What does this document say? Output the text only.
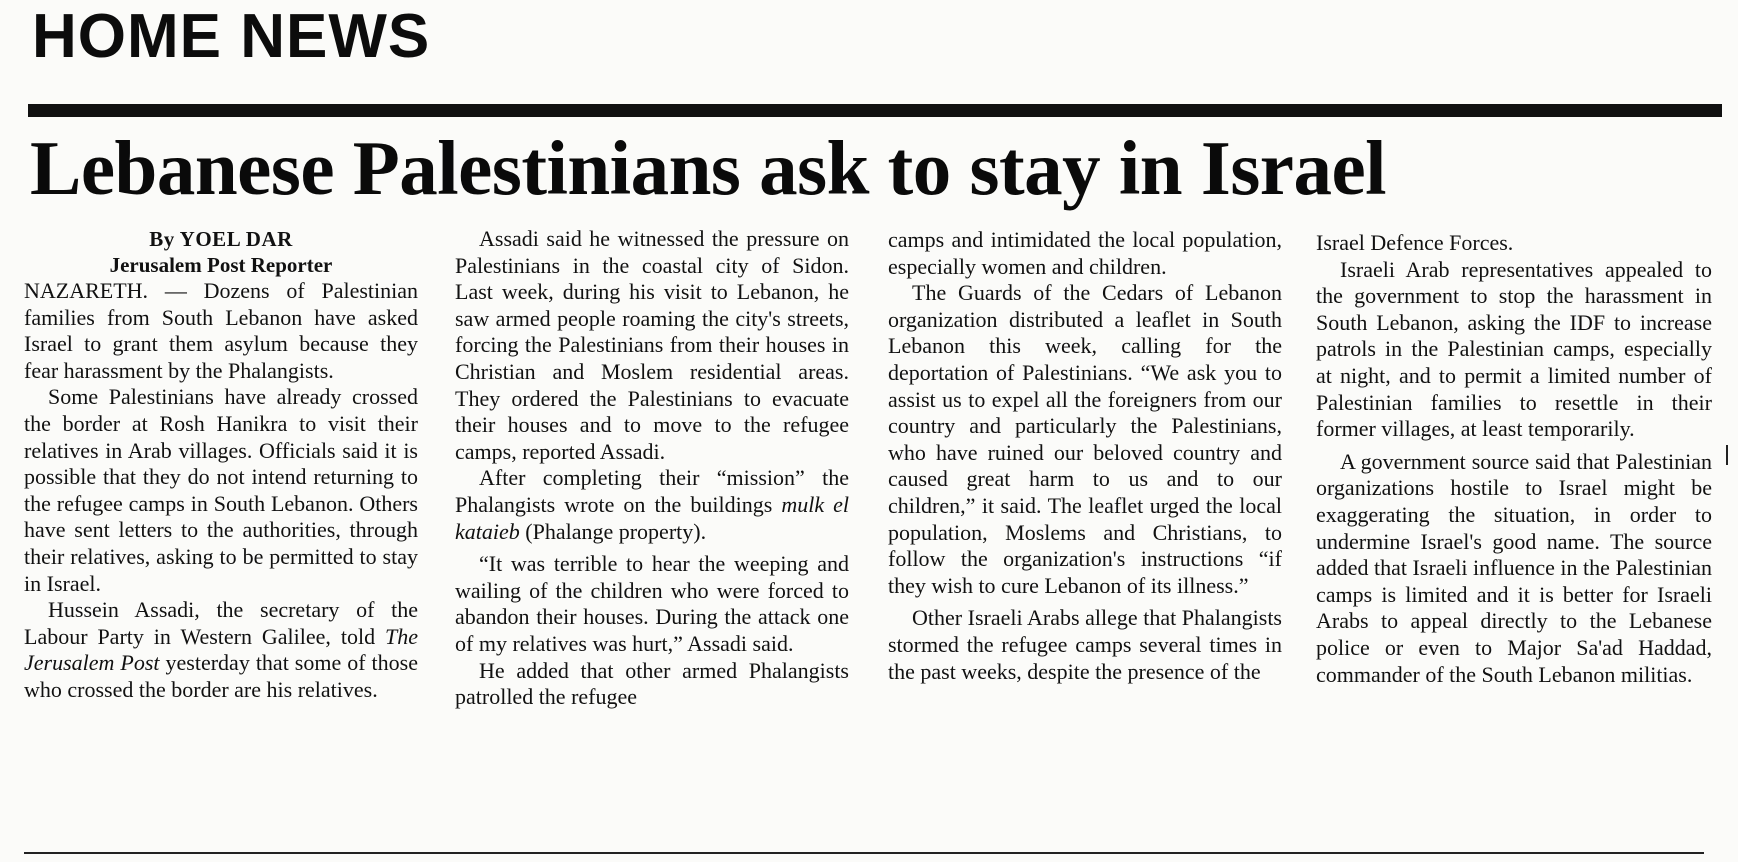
HOME NEWS
Lebanese Palestinians ask to stay in Israel
By YOEL DAR
Jerusalem Post Reporter

NAZARETH. — Dozens of Palestinian families from South Lebanon have asked Israel to grant them asylum because they fear harassment by the Phalangists.

Some Palestinians have already crossed the border at Rosh Hanikra to visit their relatives in Arab villages. Officials said it is possible that they do not intend returning to the refugee camps in South Lebanon. Others have sent letters to the authorities, through their relatives, asking to be permitted to stay in Israel.

Hussein Assadi, the secretary of the Labour Party in Western Galilee, told The Jerusalem Post yesterday that some of those who crossed the border are his relatives.

Assadi said he witnessed the pressure on Palestinians in the coastal city of Sidon. Last week, during his visit to Lebanon, he saw armed people roaming the city's streets, forcing the Palestinians from their houses in Christian and Moslem residential areas. They ordered the Palestinians to evacuate their houses and to move to the refugee camps, reported Assadi.

After completing their “mission” the Phalangists wrote on the buildings mulk el kataieb (Phalange property).

“It was terrible to hear the weeping and wailing of the children who were forced to abandon their houses. During the attack one of my relatives was hurt,” Assadi said.

He added that other armed Phalangists patrolled the refugee

camps and intimidated the local population, especially women and children.

The Guards of the Cedars of Lebanon organization distributed a leaflet in South Lebanon this week, calling for the deportation of Palestinians. “We ask you to assist us to expel all the foreigners from our country and particularly the Palestinians, who have ruined our beloved country and caused great harm to us and to our children,” it said. The leaflet urged the local population, Moslems and Christians, to follow the organization's instructions “if they wish to cure Lebanon of its illness.”

Other Israeli Arabs allege that Phalangists stormed the refugee camps several times in the past weeks, despite the presence of the

Israel Defence Forces.

Israeli Arab representatives appealed to the government to stop the harassment in South Lebanon, asking the IDF to increase patrols in the Palestinian camps, especially at night, and to permit a limited number of Palestinian families to resettle in their former villages, at least temporarily.

A government source said that Palestinian organizations hostile to Israel might be exaggerating the situation, in order to undermine Israel's good name. The source added that Israeli influence in the Palestinian camps is limited and it is better for Israeli Arabs to appeal directly to the Lebanese police or even to Major Sa'ad Haddad, commander of the South Lebanon militias.
